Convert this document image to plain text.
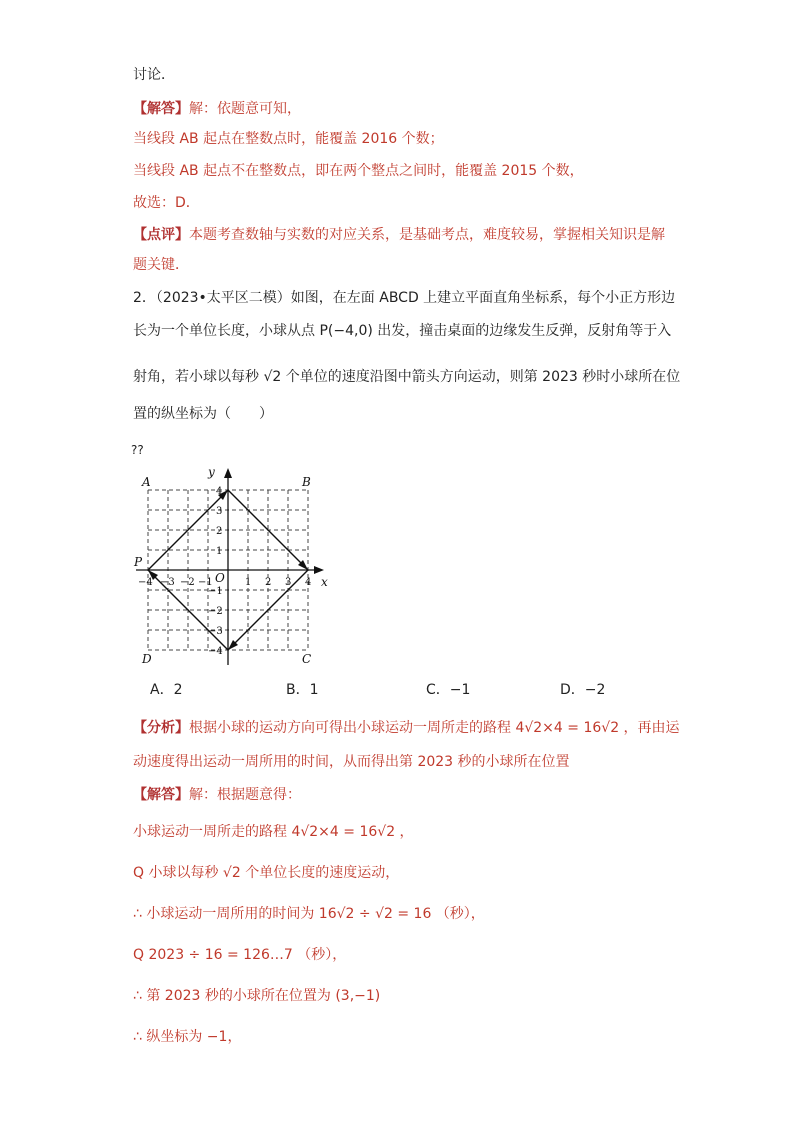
讨论．
【解答】解：依题意可知，
当线段 AB 起点在整数点时，能覆盖 2016 个数；
当线段 AB 起点不在整数点，即在两个整点之间时，能覆盖 2015 个数，
故选：D．
【点评】本题考查数轴与实数的对应关系，是基础考点，难度较易，掌握相关知识是解
题关键．
2．（2023•太平区二模）如图，在左面 ABCD 上建立平面直角坐标系，每个小正方形边
长为一个单位长度，小球从点 P(−4,0) 出发，撞击桌面的边缘发生反弹，反射角等于入
射角，若小球以每秒 √2 个单位的速度沿图中箭头方向运动，则第 2023 秒时小球所在位
置的纵坐标为（　　）
??
A	B
C
D
P
O	x
y
−4 −3 −2 −1	1 2 3 4
4
3
2
1
−1
−2
−3
−4
A．2	B．1	C．−1	D．−2
【分析】根据小球的运动方向可得出小球运动一周所走的路程 4√2×4 = 16√2 ，再由运
动速度得出运动一周所用的时间，从而得出第 2023 秒的小球所在位置
【解答】解：根据题意得：
小球运动一周所走的路程 4√2×4 = 16√2 ，
Q 小球以每秒 √2 个单位长度的速度运动，
∴ 小球运动一周所用的时间为 16√2 ÷ √2 = 16 （秒），
Q 2023 ÷ 16 = 126…7 （秒），
∴ 第 2023 秒的小球所在位置为 (3,−1)
∴ 纵坐标为 −1，
